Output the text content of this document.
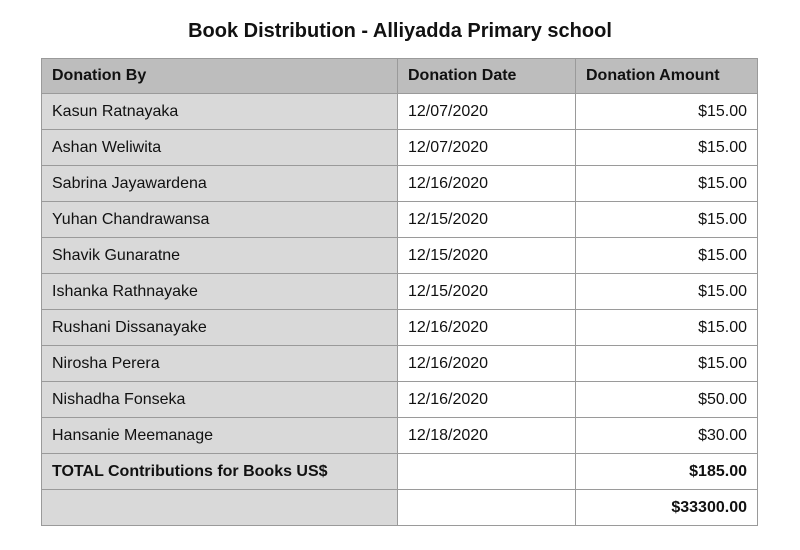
Book Distribution - Alliyadda Primary school
Donation By	Donation Date	Donation Amount
Kasun Ratnayaka	12/07/2020	$15.00
Ashan Weliwita	12/07/2020	$15.00
Sabrina Jayawardena	12/16/2020	$15.00
Yuhan Chandrawansa	12/15/2020	$15.00
Shavik Gunaratne	12/15/2020	$15.00
Ishanka Rathnayake	12/15/2020	$15.00
Rushani Dissanayake	12/16/2020	$15.00
Nirosha Perera	12/16/2020	$15.00
Nishadha Fonseka	12/16/2020	$50.00
Hansanie Meemanage	12/18/2020	$30.00
TOTAL Contributions for Books US$		$185.00
		$33300.00
